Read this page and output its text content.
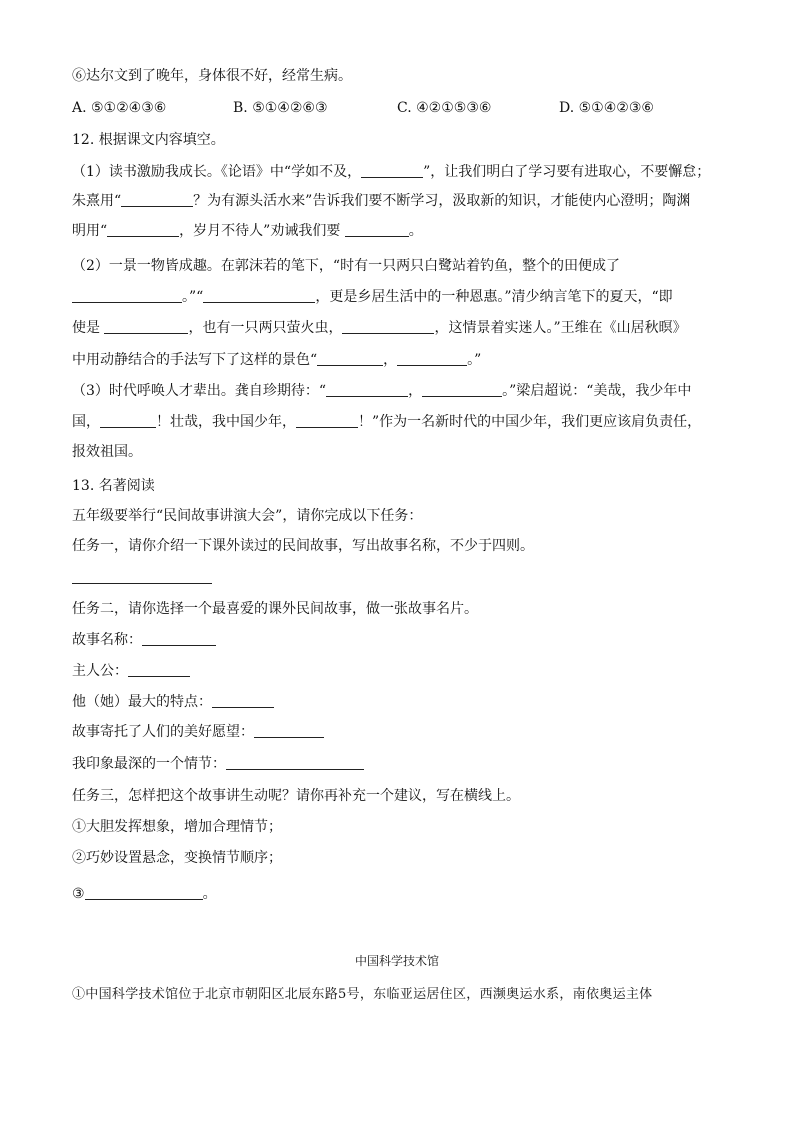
⑥达尔文到了晚年，身体很不好，经常生病。
A. ⑤①②④③⑥	B. ⑤①④②⑥③	C. ④②①⑤③⑥	D. ⑤①④②③⑥
12. 根据课文内容填空。
（1）读书激励我成长。《论语》中“学如不及，	”，让我们明白了学习要有进取心，不要懈怠；
朱熹用“	？为有源头活水来”告诉我们要不断学习，汲取新的知识，才能使内心澄明；陶渊
明用“	，岁月不待人”劝诫我们要	。
（2）一景一物皆成趣。在郭沫若的笔下，“时有一只两只白鹭站着钓鱼，整个的田便成了
。”“	，更是乡居生活中的一种恩惠。”清少纳言笔下的夏天，“即
使是	，也有一只两只萤火虫，	，这情景着实迷人。”王维在《山居秋暝》
中用动静结合的手法写下了这样的景色“	，	。”
（3）时代呼唤人才辈出。龚自珍期待：“	，	。”梁启超说：“美哉，我少年中
国，	！壮哉，我中国少年，	！”作为一名新时代的中国少年，我们更应该肩负责任，
报效祖国。
13. 名著阅读
五年级要举行“民间故事讲演大会”，请你完成以下任务：
任务一，请你介绍一下课外读过的民间故事，写出故事名称，不少于四则。
任务二，请你选择一个最喜爱的课外民间故事，做一张故事名片。
故事名称：
主人公：
他（她）最大的特点：
故事寄托了人们的美好愿望：
我印象最深的一个情节：
任务三，怎样把这个故事讲生动呢？请你再补充一个建议，写在横线上。
①大胆发挥想象，增加合理情节；
②巧妙设置悬念，变换情节顺序；
③	。
中国科学技术馆
①中国科学技术馆位于北京市朝阳区北辰东路5号，东临亚运居住区，西濒奥运水系，南依奥运主体
